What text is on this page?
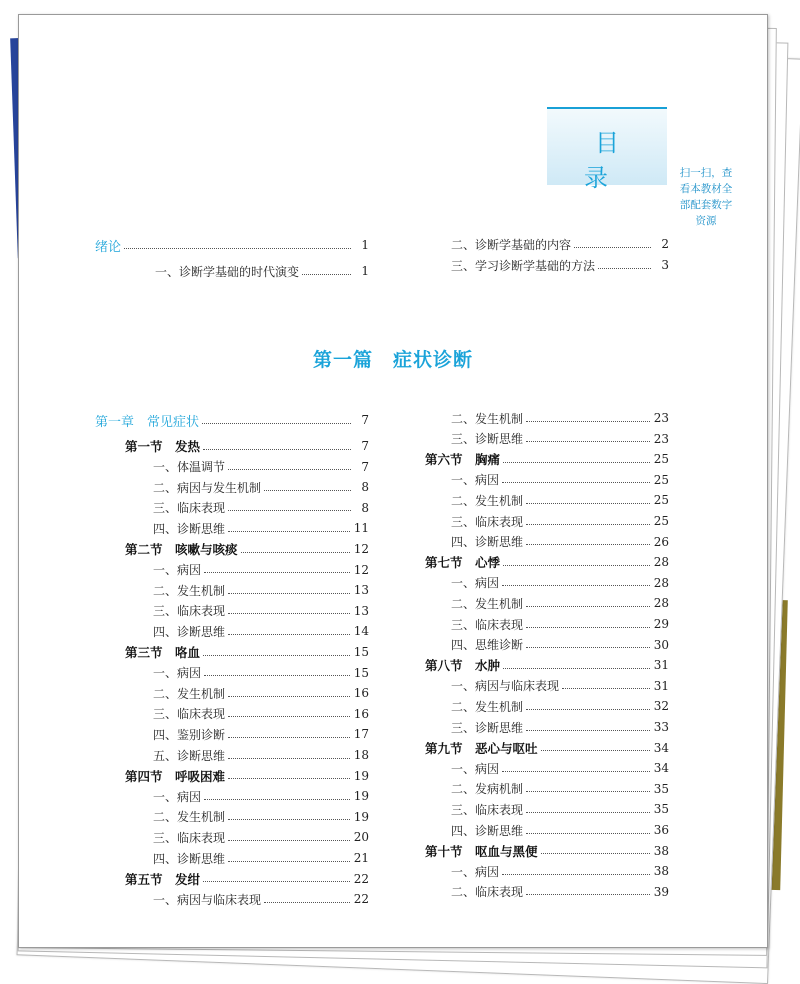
目 录	扫一扫，查
看本教材全
部配套数字
资源
第一篇　症状诊断
绪论	1
一、诊断学基础的时代演变	1
二、诊断学基础的内容	2
三、学习诊断学基础的方法	3
第一章　常见症状	7
第一节　发热	7
一、体温调节	7
二、病因与发生机制	8
三、临床表现	8
四、诊断思维	11
第二节　咳嗽与咳痰	12
一、病因	12
二、发生机制	13
三、临床表现	13
四、诊断思维	14
第三节　咯血	15
一、病因	15
二、发生机制	16
三、临床表现	16
四、鉴别诊断	17
五、诊断思维	18
第四节　呼吸困难	19
一、病因	19
二、发生机制	19
三、临床表现	20
四、诊断思维	21
第五节　发绀	22
一、病因与临床表现	22
二、发生机制	23
三、诊断思维	23
第六节　胸痛	25
一、病因	25
二、发生机制	25
三、临床表现	25
四、诊断思维	26
第七节　心悸	28
一、病因	28
二、发生机制	28
三、临床表现	29
四、思维诊断	30
第八节　水肿	31
一、病因与临床表现	31
二、发生机制	32
三、诊断思维	33
第九节　恶心与呕吐	34
一、病因	34
二、发病机制	35
三、临床表现	35
四、诊断思维	36
第十节　呕血与黑便	38
一、病因	38
二、临床表现	39
